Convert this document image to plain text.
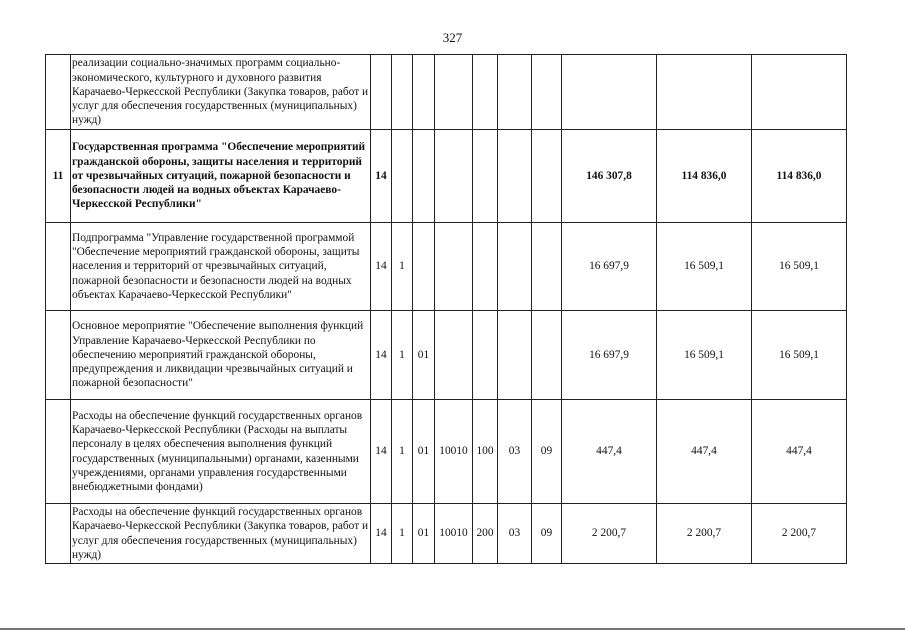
327
	реализации социально-значимых программ социально-экономического, культурного и духовного развития Карачаево-Черкесской Республики (Закупка товаров, работ и услуг для обеспечения государственных (муниципальных) нужд)										
11	Государственная программа "Обеспечение мероприятий гражданской обороны, защиты населения и территорий от чрезвычайных ситуаций, пожарной безопасности и безопасности людей на водных объектах Карачаево-Черкесской Республики"	14							146 307,8	114 836,0	114 836,0
	Подпрограмма "Управление государственной программой "Обеспечение мероприятий гражданской обороны, защиты населения и территорий от чрезвычайных ситуаций, пожарной безопасности и безопасности людей на водных объектах Карачаево-Черкесской Республики"	14	1						16 697,9	16 509,1	16 509,1
	Основное мероприятие "Обеспечение выполнения функций Управление Карачаево-Черкесской Республики по обеспечению мероприятий гражданской обороны, предупреждения и ликвидации чрезвычайных ситуаций и пожарной безопасности"	14	1	01					16 697,9	16 509,1	16 509,1
	Расходы на обеспечение функций государственных органов Карачаево-Черкесской Республики (Расходы на выплаты персоналу в целях обеспечения выполнения функций государственных (муниципальными) органами, казенными учреждениями, органами управления государственными внебюджетными фондами)	14	1	01	10010	100	03	09	447,4	447,4	447,4
	Расходы на обеспечение функций государственных органов Карачаево-Черкесской Республики (Закупка товаров, работ и услуг для обеспечения государственных (муниципальных) нужд)	14	1	01	10010	200	03	09	2 200,7	2 200,7	2 200,7
